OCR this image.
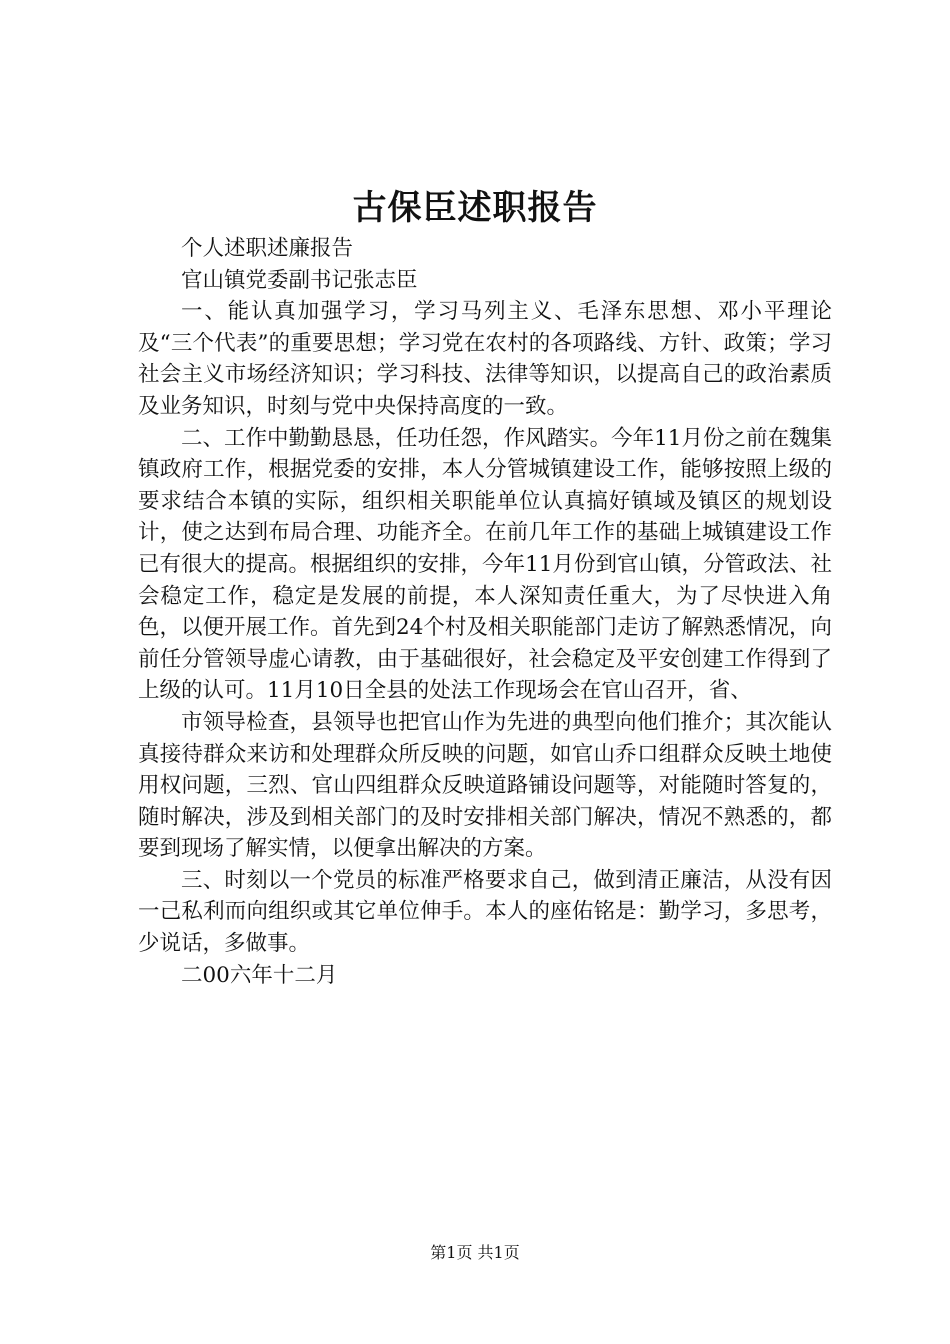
古保臣述职报告

个人述职述廉报告

官山镇党委副书记张志臣

一、能认真加强学习，学习马列主义、毛泽东思想、邓小平理论及“三个代表”的重要思想；学习党在农村的各项路线、方针、政策；学习社会主义市场经济知识；学习科技、法律等知识，以提高自己的政治素质及业务知识，时刻与党中央保持高度的一致。

二、工作中勤勤恳恳，任功任怨，作风踏实。今年11月份之前在魏集镇政府工作，根据党委的安排，本人分管城镇建设工作，能够按照上级的要求结合本镇的实际，组织相关职能单位认真搞好镇域及镇区的规划设计，使之达到布局合理、功能齐全。在前几年工作的基础上城镇建设工作已有很大的提高。根据组织的安排，今年11月份到官山镇，分管政法、社会稳定工作，稳定是发展的前提，本人深知责任重大，为了尽快进入角色，以便开展工作。首先到24个村及相关职能部门走访了解熟悉情况，向前任分管领导虚心请教，由于基础很好，社会稳定及平安创建工作得到了上级的认可。11月10日全县的处法工作现场会在官山召开，省、

市领导检查，县领导也把官山作为先进的典型向他们推介；其次能认真接待群众来访和处理群众所反映的问题，如官山乔口组群众反映土地使用权问题，三烈、官山四组群众反映道路铺设问题等，对能随时答复的，随时解决，涉及到相关部门的及时安排相关部门解决，情况不熟悉的，都要到现场了解实情，以便拿出解决的方案。

三、时刻以一个党员的标准严格要求自己，做到清正廉洁，从没有因一己私利而向组织或其它单位伸手。本人的座佑铭是：勤学习，多思考，少说话，多做事。

二00六年十二月

第1页 共1页
